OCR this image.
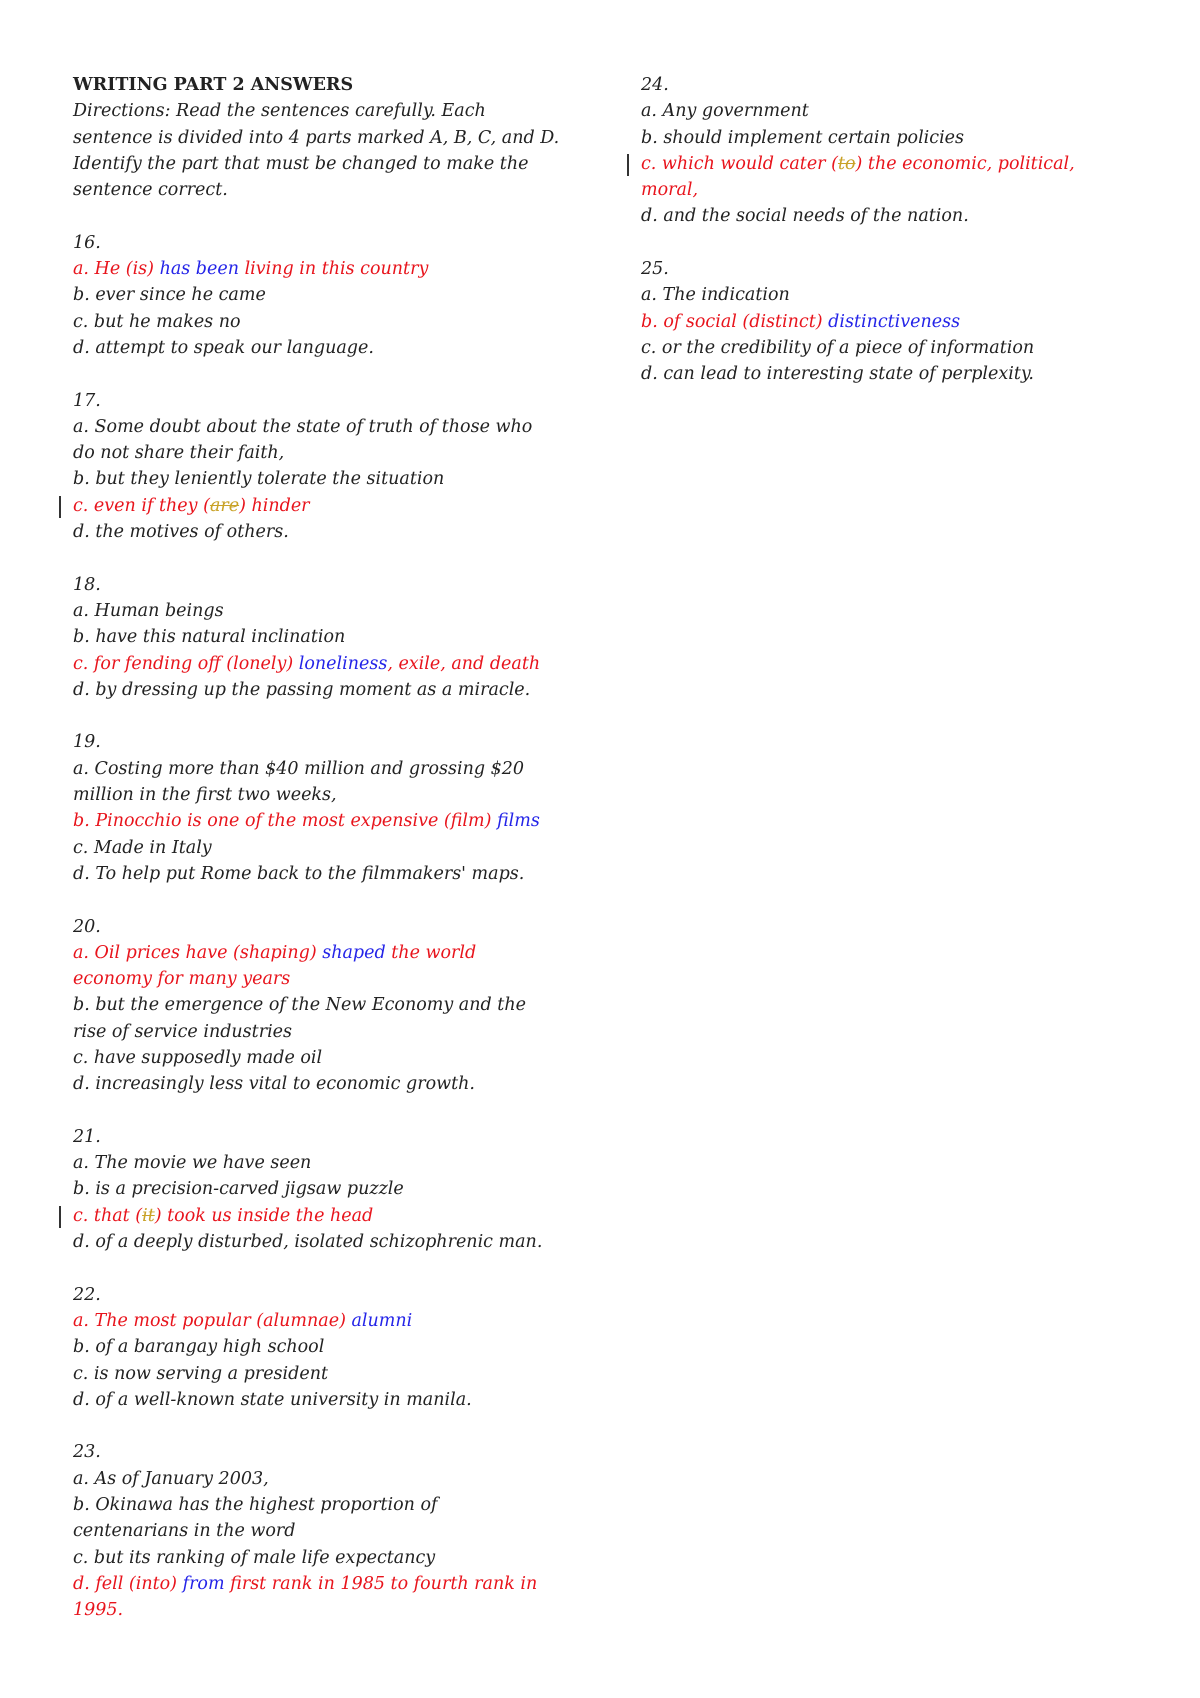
WRITING PART 2 ANSWERS
Directions: Read the sentences carefully. Each
sentence is divided into 4 parts marked A, B, C, and D.
Identify the part that must be changed to make the
sentence correct.
16.
a. He (is) has been living in this country
b. ever since he came
c. but he makes no
d. attempt to speak our language.
17.
a. Some doubt about the state of truth of those who
do not share their faith,
b. but they leniently tolerate the situation
c. even if they (are) hinder
d. the motives of others.
18.
a. Human beings
b. have this natural inclination
c. for fending off (lonely) loneliness, exile, and death
d. by dressing up the passing moment as a miracle.
19.
a. Costing more than $40 million and grossing $20
million in the first two weeks,
b. Pinocchio is one of the most expensive (film) films
c. Made in Italy
d. To help put Rome back to the filmmakers' maps.
20.
a. Oil prices have (shaping) shaped the world
economy for many years
b. but the emergence of the New Economy and the
rise of service industries
c. have supposedly made oil
d. increasingly less vital to economic growth.
21.
a. The movie we have seen
b. is a precision-carved jigsaw puzzle
c. that (it) took us inside the head
d. of a deeply disturbed, isolated schizophrenic man.
22.
a. The most popular (alumnae) alumni
b. of a barangay high school
c. is now serving a president
d. of a well-known state university in manila.
23.
a. As of January 2003,
b. Okinawa has the highest proportion of
centenarians in the word
c. but its ranking of male life expectancy
d. fell (into) from first rank in 1985 to fourth rank in
1995.
24.
a. Any government
b. should implement certain policies
c. which would cater (to) the economic, political,
moral,
d. and the social needs of the nation.
25.
a. The indication
b. of social (distinct) distinctiveness
c. or the credibility of a piece of information
d. can lead to interesting state of perplexity.
